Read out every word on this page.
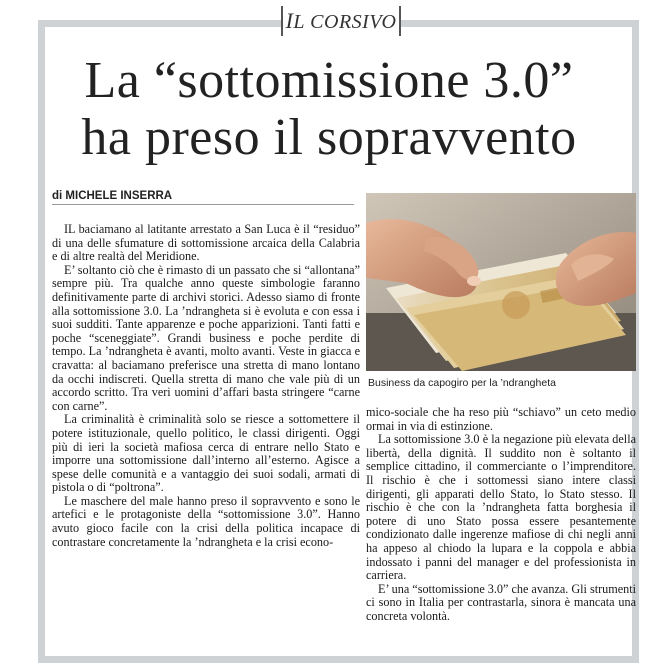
IL CORSIVO
La “sottomissione 3.0”
ha preso il sopravvento
di MICHELE INSERRA

IL baciamano al latitante arrestato a San Luca è il “residuo” di una delle sfumature di sottomissione arcaica della Calabria e di altre realtà del Meridione.

E’ soltanto ciò che è rimasto di un passato che si “allontana” sempre più. Tra qualche anno queste simbologie faranno definitivamente parte di archivi storici. Adesso siamo di fronte alla sottomissione 3.0. La ’ndrangheta si è evoluta e con essa i suoi sudditi. Tante apparenze e poche apparizioni. Tanti fatti e poche “sceneggiate”. Grandi business e poche perdite di tempo. La ’ndrangheta è avanti, molto avanti. Veste in giacca e cravatta: al baciamano preferisce una stretta di mano lontano da occhi indiscreti. Quella stretta di mano che vale più di un accordo scritto. Tra veri uomini d’affari basta stringere “carne con carne”.

La criminalità è criminalità solo se riesce a sottomettere il potere istituzionale, quello politico, le classi dirigenti. Oggi più di ieri la società mafiosa cerca di entrare nello Stato e imporre una sottomissione dall’interno all’esterno. Agisce a spese delle comunità e a vantaggio dei suoi sodali, armati di pistola o di “poltrona”.

Le maschere del male hanno preso il sopravvento e sono le artefici e le protagoniste della “sottomissione 3.0”. Hanno avuto gioco facile con la crisi della politica incapace di contrastare concretamente la ’ndrangheta e la crisi econo-

Business da capogiro per la ’ndrangheta

mico-sociale che ha reso più “schiavo” un ceto medio ormai in via di estinzione.

La sottomissione 3.0 è la negazione più elevata della libertà, della dignità. Il suddito non è soltanto il semplice cittadino, il commerciante o l’imprenditore. Il rischio è che i sottomessi siano intere classi dirigenti, gli apparati dello Stato, lo Stato stesso. Il rischio è che con la ’ndrangheta fatta borghesia il potere di uno Stato possa essere pesantemente condizionato dalle ingerenze mafiose di chi negli anni ha appeso al chiodo la lupara e la coppola e abbia indossato i panni del manager e del professionista in carriera.

E’ una “sottomissione 3.0” che avanza. Gli strumenti ci sono in Italia per contrastarla, sinora è mancata una concreta volontà.
